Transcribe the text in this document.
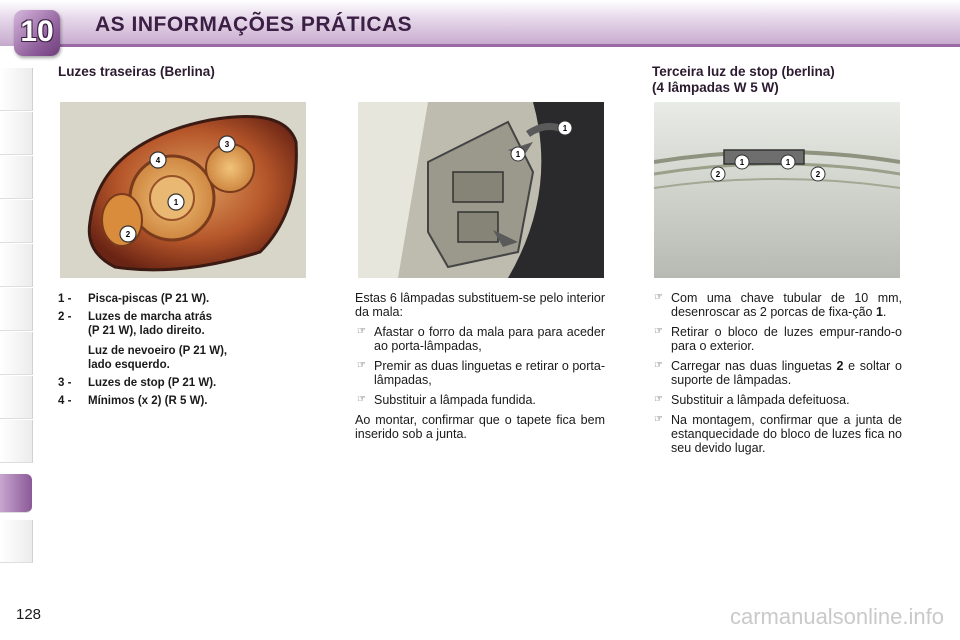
10	AS INFORMAÇÕES PRÁTICAS
Luzes traseiras (Berlina)
4
3
1
2
1 - Pisca-piscas (P 21 W).
2 - Luzes de marcha atrás
(P 21 W), lado direito.
Luz de nevoeiro (P 21 W),
lado esquerdo.
3 - Luzes de stop (P 21 W).
4 - Mínimos (x 2) (R 5 W).
1
1

Estas 6 lâmpadas substituem-se pelo interior da mala:

☞ Afastar o forro da mala para para aceder ao porta-lâmpadas,
☞ Premir as duas linguetas e retirar o porta-lâmpadas,
☞ Substituir a lâmpada fundida.

Ao montar, confirmar que o tapete fica bem inserido sob a junta.

Terceira luz de stop (berlina)
(4 lâmpadas W 5 W)
2
1	1
2
☞ Com uma chave tubular de 10 mm, desenroscar as 2 porcas de fixa-ção 1.
☞ Retirar o bloco de luzes empur-rando-o para o exterior.
☞ Carregar nas duas linguetas 2 e soltar o suporte de lâmpadas.
☞ Substituir a lâmpada defeituosa.
☞ Na montagem, confirmar que a junta de estanquecidade do bloco de luzes fica no seu devido lugar.
128	carmanualsonline.info
